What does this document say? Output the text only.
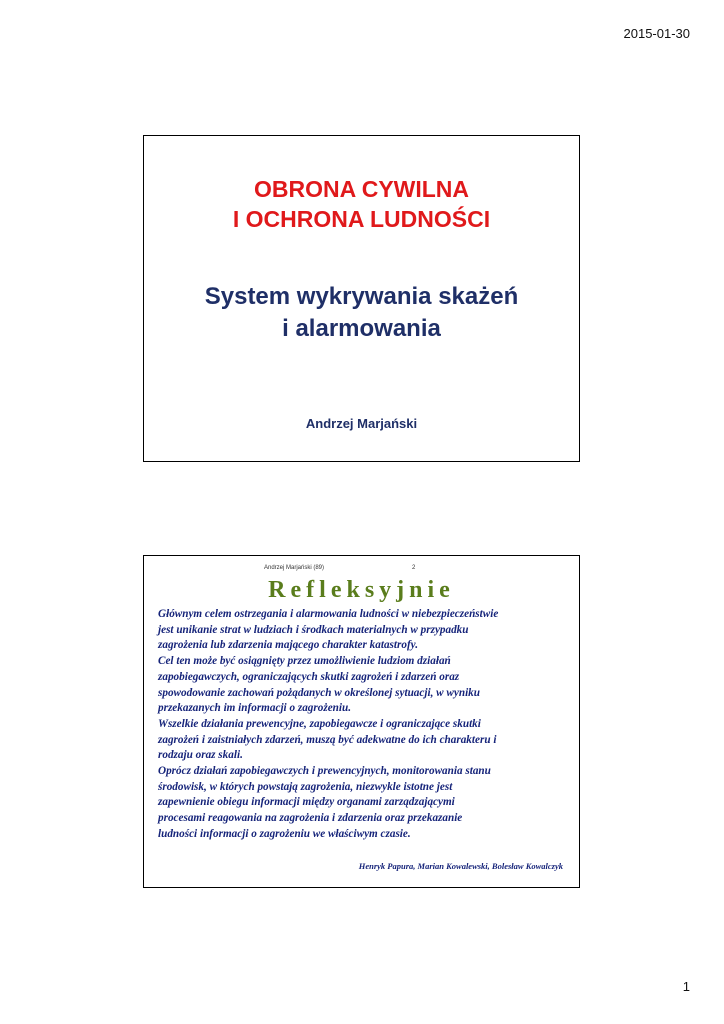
2015-01-30
OBRONA CYWILNA
I OCHRONA LUDNOŚCI
System wykrywania skażeń
i alarmowania
Andrzej Marjański
Andrzej Marjański (89)	2
Refleksyjnie

Głównym celem ostrzegania i alarmowania ludności w niebezpieczeństwie

jest unikanie strat w ludziach i środkach materialnych w przypadku

zagrożenia lub zdarzenia mającego charakter katastrofy.

Cel ten może być osiągnięty przez umożliwienie ludziom działań

zapobiegawczych, ograniczających skutki zagrożeń i zdarzeń oraz

spowodowanie zachowań pożądanych w określonej sytuacji, w wyniku

przekazanych im informacji o zagrożeniu.

Wszelkie działania prewencyjne, zapobiegawcze i ograniczające skutki

zagrożeń i zaistniałych zdarzeń, muszą być adekwatne do ich charakteru i

rodzaju oraz skali.

Oprócz działań zapobiegawczych i prewencyjnych, monitorowania stanu

środowisk, w których powstają zagrożenia, niezwykle istotne jest

zapewnienie obiegu informacji między organami zarządzającymi

procesami reagowania na zagrożenia i zdarzenia oraz przekazanie

ludności informacji o zagrożeniu we właściwym czasie.

Henryk Papura, Marian Kowalewski, Bolesław Kowalczyk
1
